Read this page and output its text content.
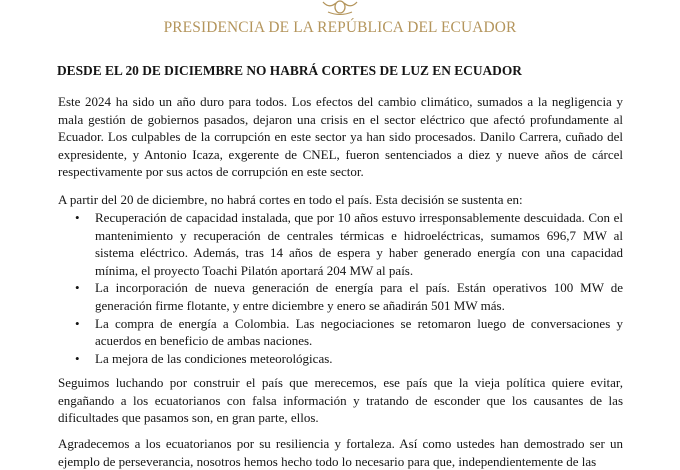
PRESIDENCIA DE LA REPÚBLICA DEL ECUADOR
DESDE EL 20 DE DICIEMBRE NO HABRÁ CORTES DE LUZ EN ECUADOR

Este 2024 ha sido un año duro para todos. Los efectos del cambio climático, sumados a la negligencia y mala gestión de gobiernos pasados, dejaron una crisis en el sector eléctrico que afectó profundamente al Ecuador. Los culpables de la corrupción en este sector ya han sido procesados. Danilo Carrera, cuñado del expresidente, y Antonio Icaza, exgerente de CNEL, fueron sentenciados a diez y nueve años de cárcel respectivamente por sus actos de corrupción en este sector.

A partir del 20 de diciembre, no habrá cortes en todo el país. Esta decisión se sustenta en:

• Recuperación de capacidad instalada, que por 10 años estuvo irresponsablemente descuidada. Con el mantenimiento y recuperación de centrales térmicas e hidroeléctricas, sumamos 696,7 MW al sistema eléctrico. Además, tras 14 años de espera y haber generado energía con una capacidad mínima, el proyecto Toachi Pilatón aportará 204 MW al país.
• La incorporación de nueva generación de energía para el país. Están operativos 100 MW de generación firme flotante, y entre diciembre y enero se añadirán 501 MW más.
• La compra de energía a Colombia. Las negociaciones se retomaron luego de conversaciones y acuerdos en beneficio de ambas naciones.
• La mejora de las condiciones meteorológicas.

Seguimos luchando por construir el país que merecemos, ese país que la vieja política quiere evitar, engañando a los ecuatorianos con falsa información y tratando de esconder que los causantes de las dificultades que pasamos son, en gran parte, ellos.

Agradecemos a los ecuatorianos por su resiliencia y fortaleza. Así como ustedes han demostrado ser un ejemplo de perseverancia, nosotros hemos hecho todo lo necesario para que, independientemente de las
